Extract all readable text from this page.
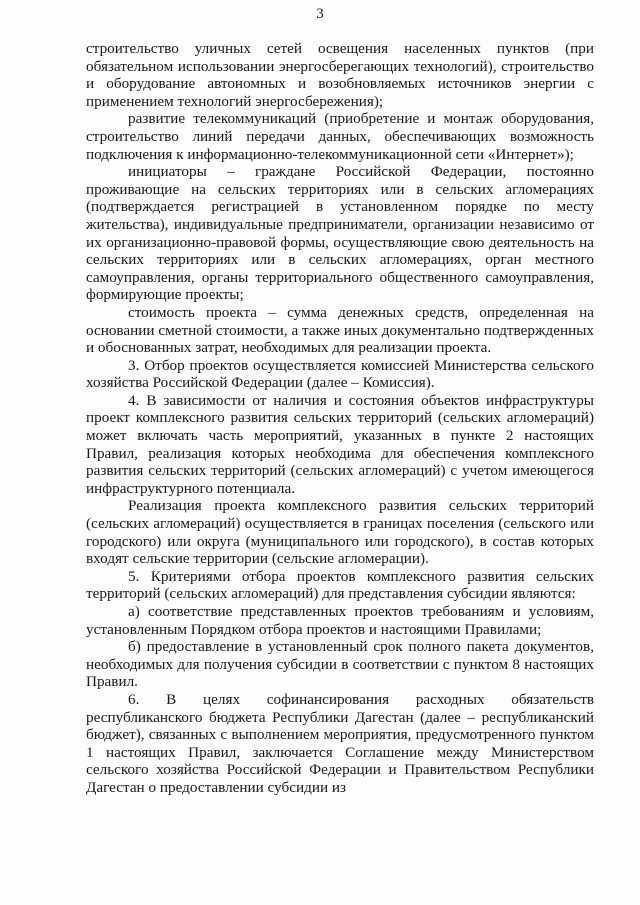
3

строительство уличных сетей освещения населенных пунктов (при обязательном использовании энергосберегающих технологий), строительство и оборудование автономных и возобновляемых источников энергии с применением технологий энергосбережения);

развитие телекоммуникаций (приобретение и монтаж оборудования, строительство линий передачи данных, обеспечивающих возможность подключения к информационно-телекоммуникационной сети «Интернет»);

инициаторы – граждане Российской Федерации, постоянно проживающие на сельских территориях или в сельских агломерациях (подтверждается регистрацией в установленном порядке по месту жительства), индивидуальные предприниматели, организации независимо от их организационно-правовой формы, осуществляющие свою деятельность на сельских территориях или в сельских агломерациях, орган местного самоуправления, органы территориального общественного самоуправления, формирующие проекты;

стоимость проекта – сумма денежных средств, определенная на основании сметной стоимости, а также иных документально подтвержденных и обоснованных затрат, необходимых для реализации проекта.

3. Отбор проектов осуществляется комиссией Министерства сельского хозяйства Российской Федерации (далее – Комиссия).

4. В зависимости от наличия и состояния объектов инфраструктуры проект комплексного развития сельских территорий (сельских агломераций) может включать часть мероприятий, указанных в пункте 2 настоящих Правил, реализация которых необходима для обеспечения комплексного развития сельских территорий (сельских агломераций) с учетом имеющегося инфраструктурного потенциала.

Реализация проекта комплексного развития сельских территорий (сельских агломераций) осуществляется в границах поселения (сельского или городского) или округа (муниципального или городского), в состав которых входят сельские территории (сельские агломерации).

5. Критериями отбора проектов комплексного развития сельских территорий (сельских агломераций) для представления субсидии являются:

а) соответствие представленных проектов требованиям и условиям, установленным Порядком отбора проектов и настоящими Правилами;

б) предоставление в установленный срок полного пакета документов, необходимых для получения субсидии в соответствии с пунктом 8 настоящих Правил.

6. В целях софинансирования расходных обязательств республиканского бюджета Республики Дагестан (далее – республиканский бюджет), связанных с выполнением мероприятия, предусмотренного пунктом 1 настоящих Правил, заключается Соглашение между Министерством сельского хозяйства Российской Федерации и Правительством Республики Дагестан о предоставлении субсидии из
